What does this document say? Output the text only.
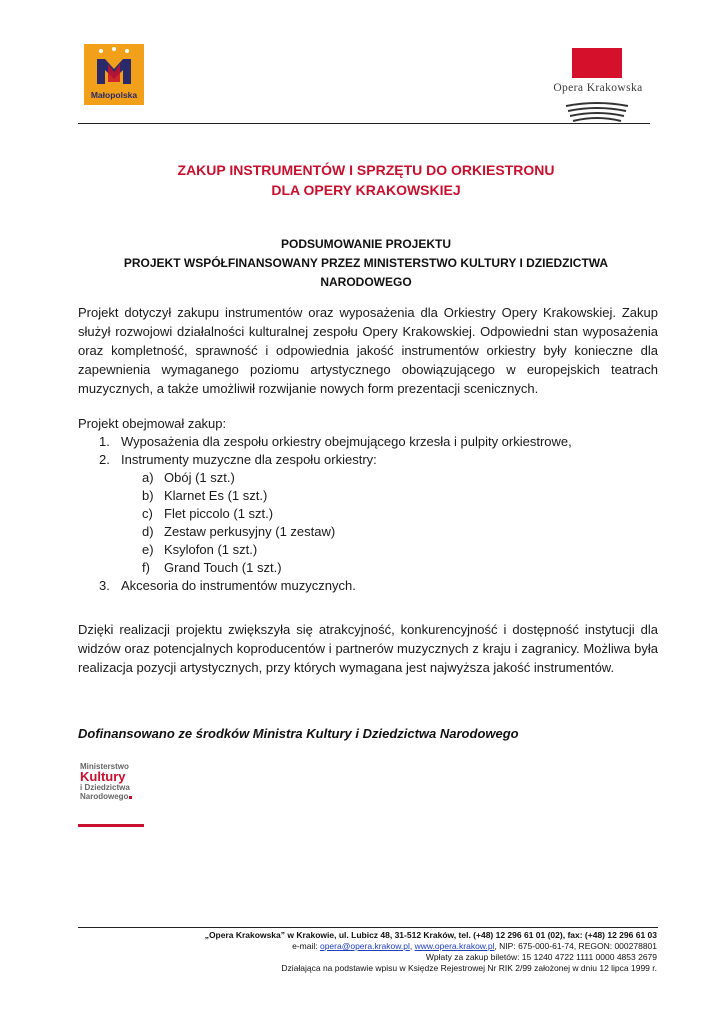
Małopolska
Opera Krakowska
ZAKUP INSTRUMENTÓW I SPRZĘTU DO ORKIESTRONU
DLA OPERY KRAKOWSKIEJ
PODSUMOWANIE PROJEKTU
PROJEKT WSPÓŁFINANSOWANY PRZEZ MINISTERSTWO KULTURY I DZIEDZICTWA
NARODOWEGO
Projekt dotyczył zakupu instrumentów oraz wyposażenia dla Orkiestry Opery Krakowskiej. Zakup służył rozwojowi działalności kulturalnej zespołu Opery Krakowskiej. Odpowiedni stan wyposażenia oraz kompletność, sprawność i odpowiednia jakość instrumentów orkiestry były konieczne dla zapewnienia wymaganego poziomu artystycznego obowiązującego w europejskich teatrach muzycznych, a także umożliwił rozwijanie nowych form prezentacji scenicznych.
Projekt obejmował zakup:
1. Wyposażenia dla zespołu orkiestry obejmującego krzesła i pulpity orkiestrowe,
2. Instrumenty muzyczne dla zespołu orkiestry:
a) Obój (1 szt.)
b) Klarnet Es (1 szt.)
c) Flet piccolo (1 szt.)
d) Zestaw perkusyjny (1 zestaw)
e) Ksylofon (1 szt.)
f) Grand Touch (1 szt.)
3. Akcesoria do instrumentów muzycznych.
Dzięki realizacji projektu zwiększyła się atrakcyjność, konkurencyjność i dostępność instytucji dla widzów oraz potencjalnych koproducentów i partnerów muzycznych z kraju i zagranicy. Możliwa była realizacja pozycji artystycznych, przy których wymagana jest najwyższa jakość instrumentów.
Dofinansowano ze środków Ministra Kultury i Dziedzictwa Narodowego
Ministerstwo
Kultury
i Dziedzictwa
Narodowego
„Opera Krakowska” w Krakowie, ul. Lubicz 48, 31-512 Kraków, tel. (+48) 12 296 61 01 (02), fax: (+48) 12 296 61 03
e-mail: opera@opera.krakow.pl, www.opera.krakow.pl, NIP: 675-000-61-74, REGON: 000278801
Wpłaty za zakup biletów: 15 1240 4722 1111 0000 4853 2679
Działająca na podstawie wpisu w Księdze Rejestrowej Nr RIK 2/99 założonej w dniu 12 lipca 1999 r.
